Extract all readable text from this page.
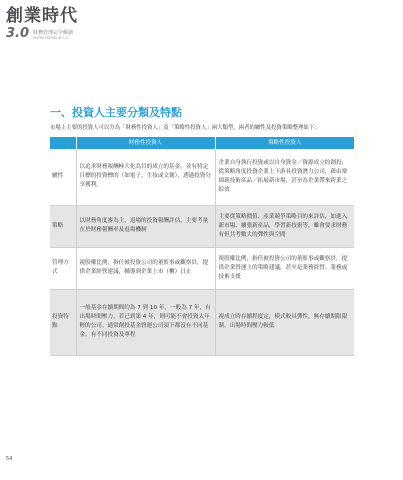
創業時代
3.0 財務管理完全解讀
ENTREPRENEUR 3.0
一、投資人主要分類及特點
市場上主要的投資人可以分為「財務性投資人」及「策略性投資人」兩大類型，兩者的屬性及投資策略整理如下：
	財務性投資人	策略性投資人
屬性	以追求財務報酬極大化為目的成立的基金，並有特定目標的投資標的（如電子、生技或文創），透過投資分享獲利。	企業自身執行投資或以自身資金／資源成立的創投，從策略角度投資企業上下游具投資潛力公司，藉由鞏固新技術產品／拓展新市場，甚至為企業帶來跨業之綜效
策略	以財務角度審為主，退場的投資報酬評估，主要考量在於財務報酬率及退場機制	主要從策略價值、產業競爭策略目的來評估，如進入新市場、擴張新產品，學習新技術等，雖會要求財務有但共考數大的彈性與空間
管理方式	視股權比例，指任被投資公司的董監事或觀察員，提供企業經營建議，輔導到企業上市（櫃）日止	視股權比例，指任被投資公司的董監事或觀察員，提供企業營運上的策略建議，甚至是業務經營、業務或技術支援
投資特點	一般基金存續期間約為 7 到 10 年，一般為 7 年，有出場時間壓力，若已到第 4 年，則可能不會投資太年輕的公司。通常創投基金營運公司須下都沒有不同基金，有不同投資及專程	視成立時存續程度定，模式較具彈性，無存續期限限制，出場時間壓力較低
54
